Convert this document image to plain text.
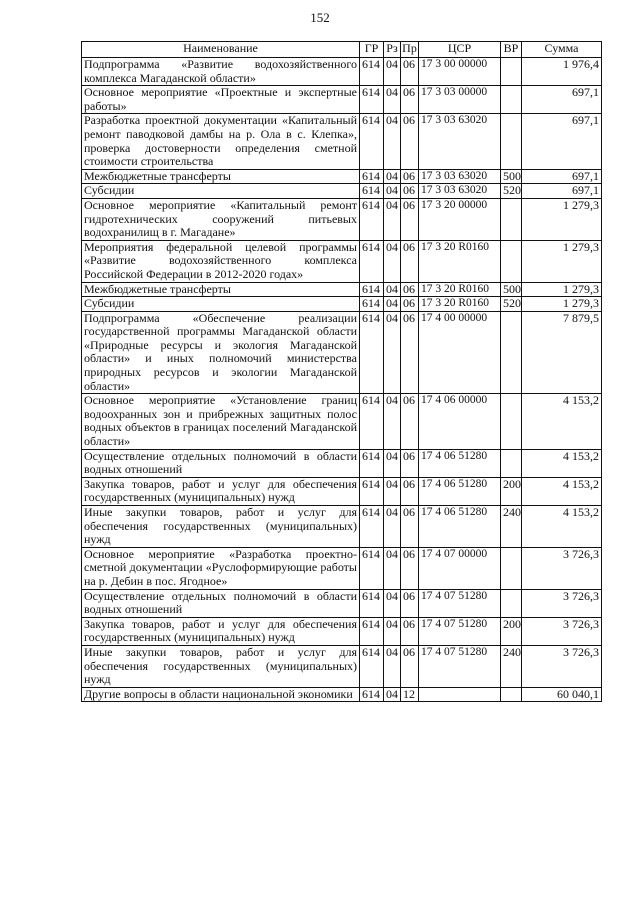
152
Наименование	ГР	Рз	Пр	ЦСР	ВР	Сумма
Подпрограмма «Развитие водохозяйственного комплекса Магаданской области»	614	04	06	17 3 00 00000		1 976,4
Основное мероприятие «Проектные и экспертные работы»	614	04	06	17 3 03 00000		697,1
Разработка проектной документации «Капитальный ремонт паводковой дамбы на р. Ола в с. Клепка», проверка достоверности определения сметной стоимости строительства	614	04	06	17 3 03 63020		697,1
Межбюджетные трансферты	614	04	06	17 3 03 63020	500	697,1
Субсидии	614	04	06	17 3 03 63020	520	697,1
Основное мероприятие «Капитальный ремонт гидротехнических сооружений питьевых водохранилищ в г. Магадане»	614	04	06	17 3 20 00000		1 279,3
Мероприятия федеральной целевой программы «Развитие водохозяйственного комплекса Российской Федерации в 2012-2020 годах»	614	04	06	17 3 20 R0160		1 279,3
Межбюджетные трансферты	614	04	06	17 3 20 R0160	500	1 279,3
Субсидии	614	04	06	17 3 20 R0160	520	1 279,3
Подпрограмма «Обеспечение реализации государственной программы Магаданской области «Природные ресурсы и экология Магаданской области» и иных полномочий министерства природных ресурсов и экологии Магаданской области»	614	04	06	17 4 00 00000		7 879,5
Основное мероприятие «Установление границ водоохранных зон и прибрежных защитных полос водных объектов в границах поселений Магаданской области»	614	04	06	17 4 06 00000		4 153,2
Осуществление отдельных полномочий в области водных отношений	614	04	06	17 4 06 51280		4 153,2
Закупка товаров, работ и услуг для обеспечения государственных (муниципальных) нужд	614	04	06	17 4 06 51280	200	4 153,2
Иные закупки товаров, работ и услуг для обеспечения государственных (муниципальных) нужд	614	04	06	17 4 06 51280	240	4 153,2
Основное мероприятие «Разработка проектно-сметной документации «Руслоформирующие работы на р. Дебин в пос. Ягодное»	614	04	06	17 4 07 00000		3 726,3
Осуществление отдельных полномочий в области водных отношений	614	04	06	17 4 07 51280		3 726,3
Закупка товаров, работ и услуг для обеспечения государственных (муниципальных) нужд	614	04	06	17 4 07 51280	200	3 726,3
Иные закупки товаров, работ и услуг для обеспечения государственных (муниципальных) нужд	614	04	06	17 4 07 51280	240	3 726,3
Другие вопросы в области национальной экономики	614	04	12			60 040,1
